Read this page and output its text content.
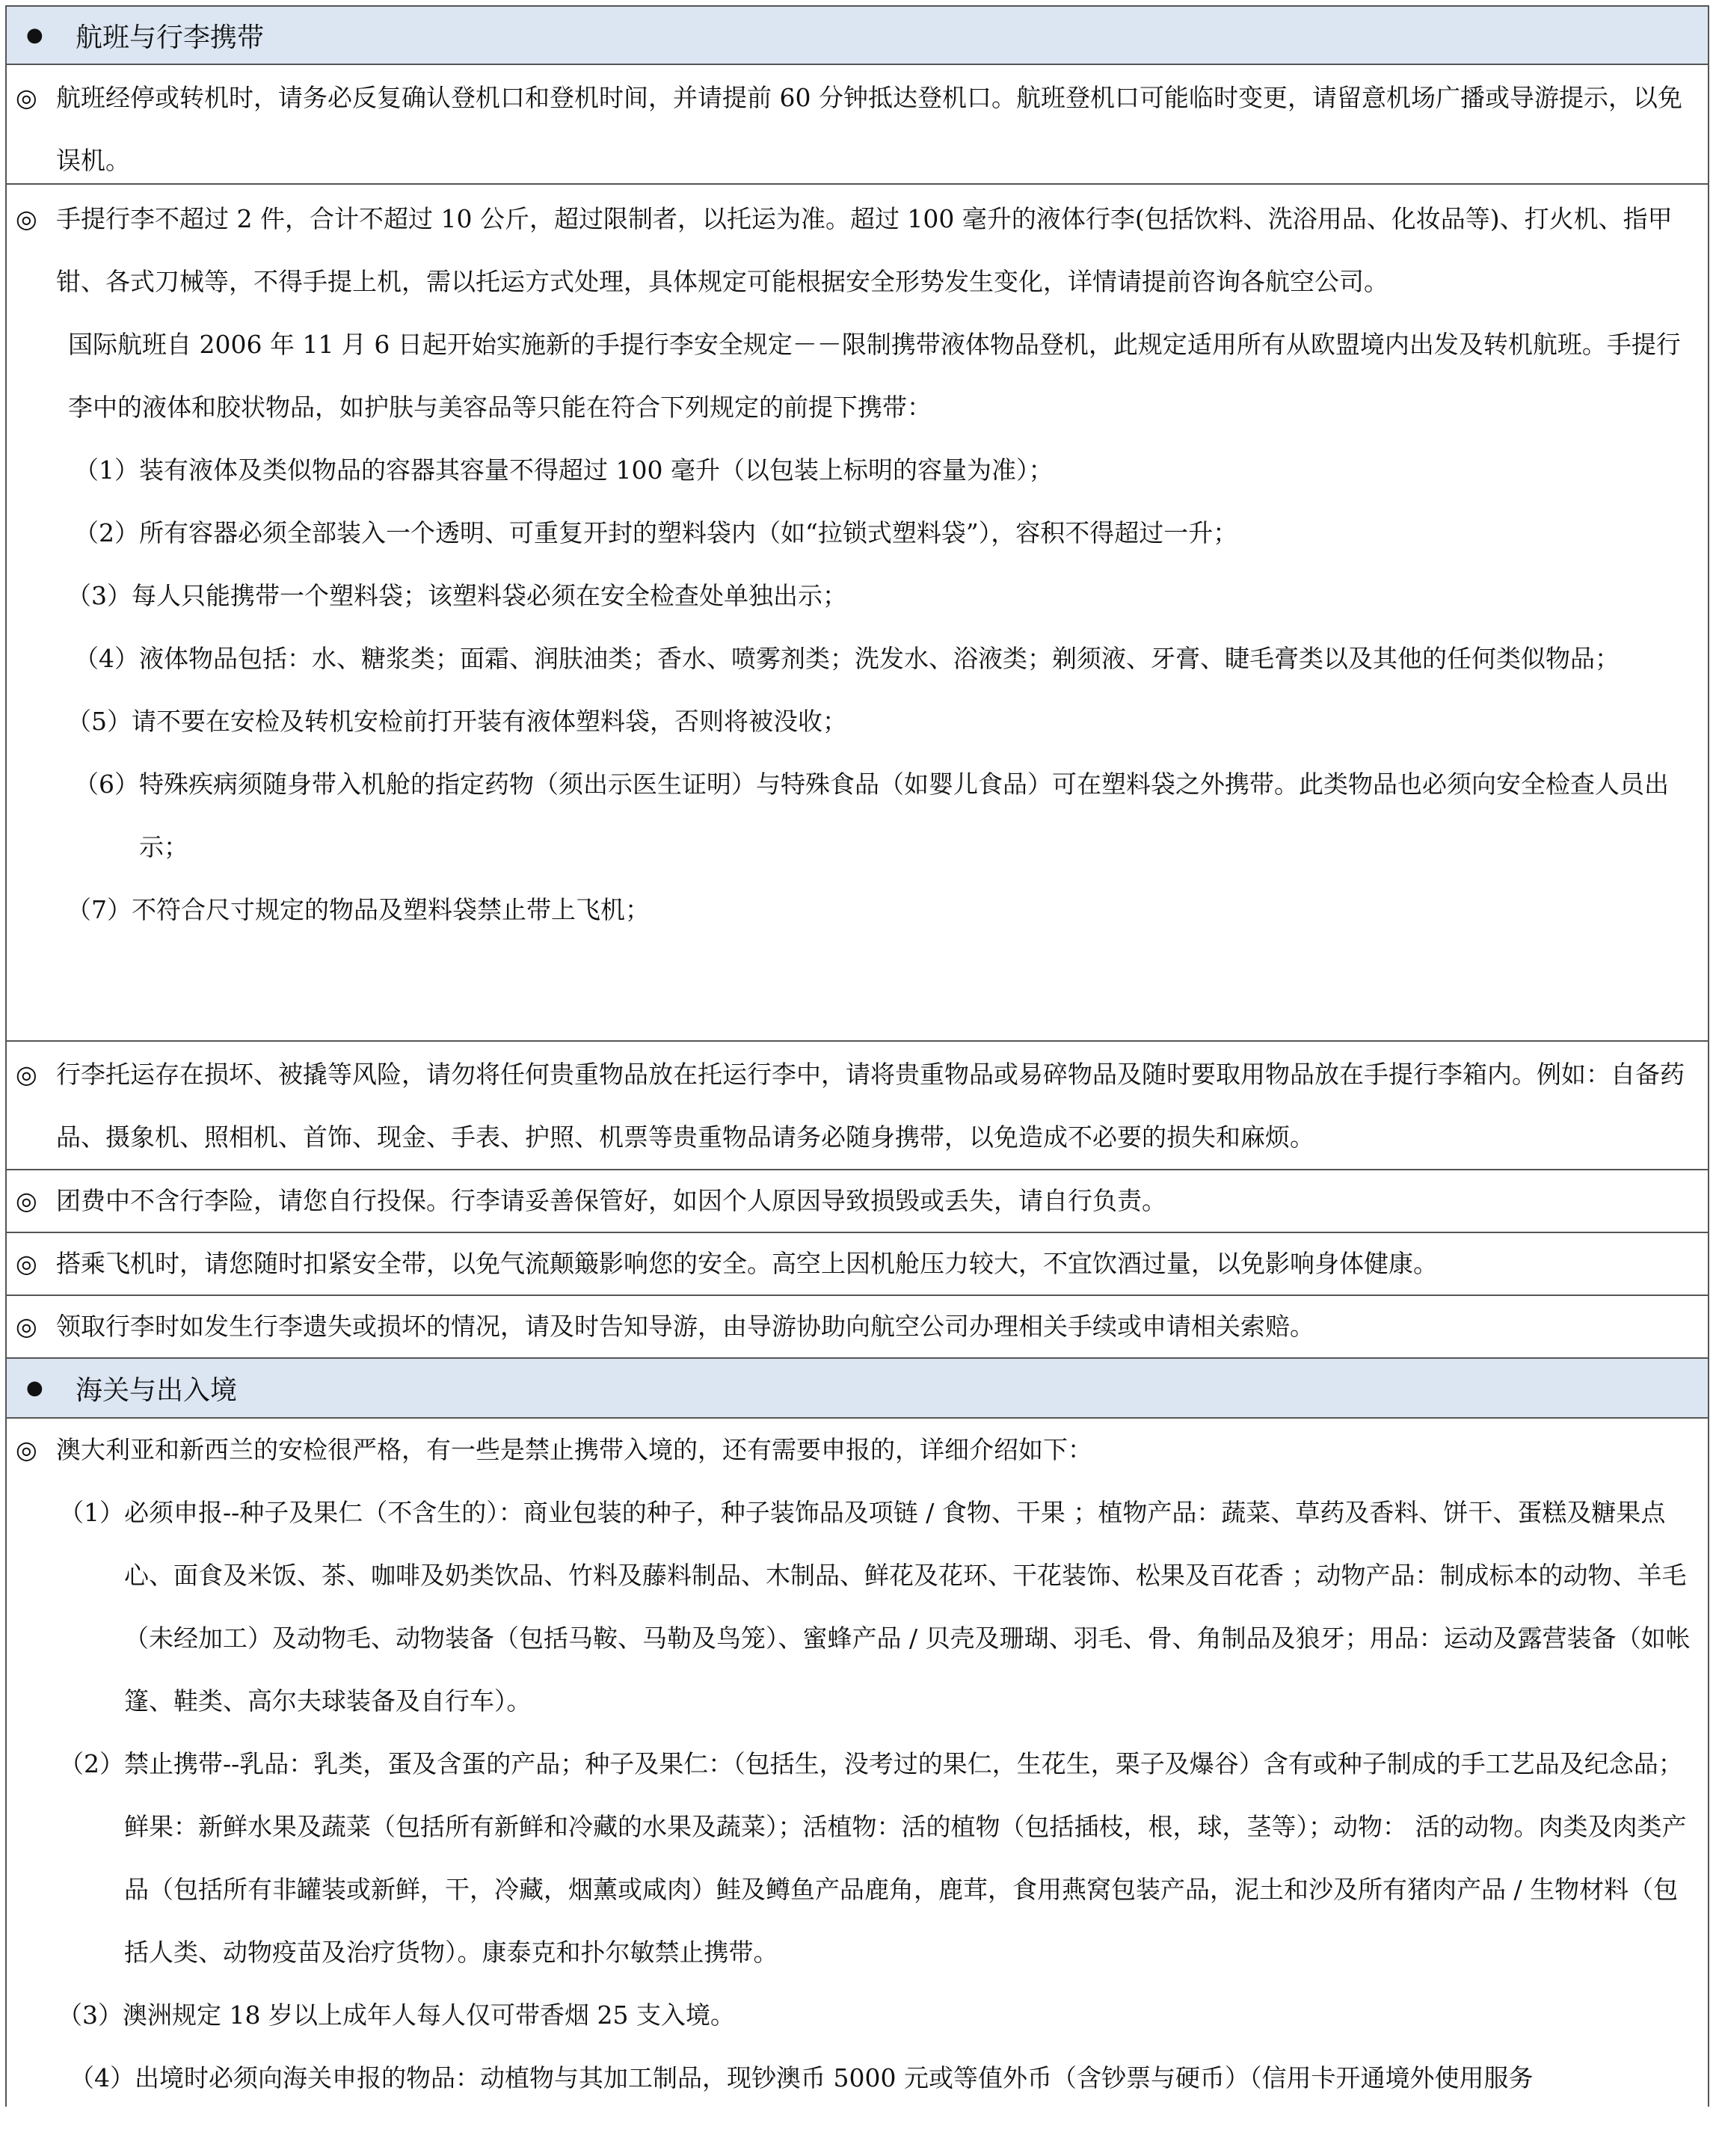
●	航班与行李携带
◎ 航班经停或转机时，请务必反复确认登机口和登机时间，并请提前 60 分钟抵达登机口。航班登机口可能临时变更，请留意机场广播或导游提示，以免误机。
◎ 手提行李不超过 2 件，合计不超过 10 公斤，超过限制者，以托运为准。超过 100 毫升的液体行李(包括饮料、洗浴用品、化妆品等)、打火机、指甲钳、各式刀械等，不得手提上机，需以托运方式处理，具体规定可能根据安全形势发生变化，详情请提前咨询各航空公司。
国际航班自 2006 年 11 月 6 日起开始实施新的手提行李安全规定－－限制携带液体物品登机，此规定适用所有从欧盟境内出发及转机航班。手提行李中的液体和胶状物品，如护肤与美容品等只能在符合下列规定的前提下携带：
（1） 装有液体及类似物品的容器其容量不得超过 100 毫升（以包装上标明的容量为准）；
（2） 所有容器必须全部装入一个透明、可重复开封的塑料袋内（如“拉锁式塑料袋”），容积不得超过一升；
（3） 每人只能携带一个塑料袋；该塑料袋必须在安全检查处单独出示；
（4） 液体物品包括：水、糖浆类；面霜、润肤油类；香水、喷雾剂类；洗发水、浴液类；剃须液、牙膏、睫毛膏类以及其他的任何类似物品；
（5） 请不要在安检及转机安检前打开装有液体塑料袋，否则将被没收；
（6） 特殊疾病须随身带入机舱的指定药物（须出示医生证明）与特殊食品（如婴儿食品）可在塑料袋之外携带。此类物品也必须向安全检查人员出示；
（7） 不符合尺寸规定的物品及塑料袋禁止带上飞机；
◎ 行李托运存在损坏、被撬等风险，请勿将任何贵重物品放在托运行李中，请将贵重物品或易碎物品及随时要取用物品放在手提行李箱内。例如：自备药品、摄象机、照相机、首饰、现金、手表、护照、机票等贵重物品请务必随身携带，以免造成不必要的损失和麻烦。
◎ 团费中不含行李险，请您自行投保。行李请妥善保管好，如因个人原因导致损毁或丢失，请自行负责。
◎ 搭乘飞机时，请您随时扣紧安全带，以免气流颠簸影响您的安全。高空上因机舱压力较大，不宜饮酒过量，以免影响身体健康。
◎ 领取行李时如发生行李遗失或损坏的情况，请及时告知导游，由导游协助向航空公司办理相关手续或申请相关索赔。
●	海关与出入境
◎ 澳大利亚和新西兰的安检很严格，有一些是禁止携带入境的，还有需要申报的，详细介绍如下：
（1） 必须申报--种子及果仁（不含生的）：商业包装的种子，种子装饰品及项链 / 食物、干果 ；植物产品：蔬菜、草药及香料、饼干、蛋糕及糖果点心、面食及米饭、茶、咖啡及奶类饮品、竹料及藤料制品、木制品、鲜花及花环、干花装饰、松果及百花香 ；动物产品：制成标本的动物、羊毛（未经加工）及动物毛、动物装备（包括马鞍、马勒及鸟笼）、蜜蜂产品 / 贝壳及珊瑚、羽毛、骨、角制品及狼牙；用品：运动及露营装备（如帐篷、鞋类、高尔夫球装备及自行车）。
（2） 禁止携带--乳品：乳类，蛋及含蛋的产品；种子及果仁：（包括生，没考过的果仁，生花生，栗子及爆谷）含有或种子制成的手工艺品及纪念品；鲜果：新鲜水果及蔬菜（包括所有新鲜和冷藏的水果及蔬菜）；活植物：活的植物（包括插枝，根，球，茎等）；动物： 活的动物。肉类及肉类产品（包括所有非罐装或新鲜，干，冷藏，烟薰或咸肉）鲑及鳟鱼产品鹿角，鹿茸，食用燕窝包装产品，泥土和沙及所有猪肉产品 / 生物材料（包括人类、动物疫苗及治疗货物）。康泰克和扑尔敏禁止携带。
（3） 澳洲规定 18 岁以上成年人每人仅可带香烟 25 支入境。
（4） 出境时必须向海关申报的物品：动植物与其加工制品，现钞澳币 5000 元或等值外币（含钞票与硬币）（信用卡开通境外使用服务
